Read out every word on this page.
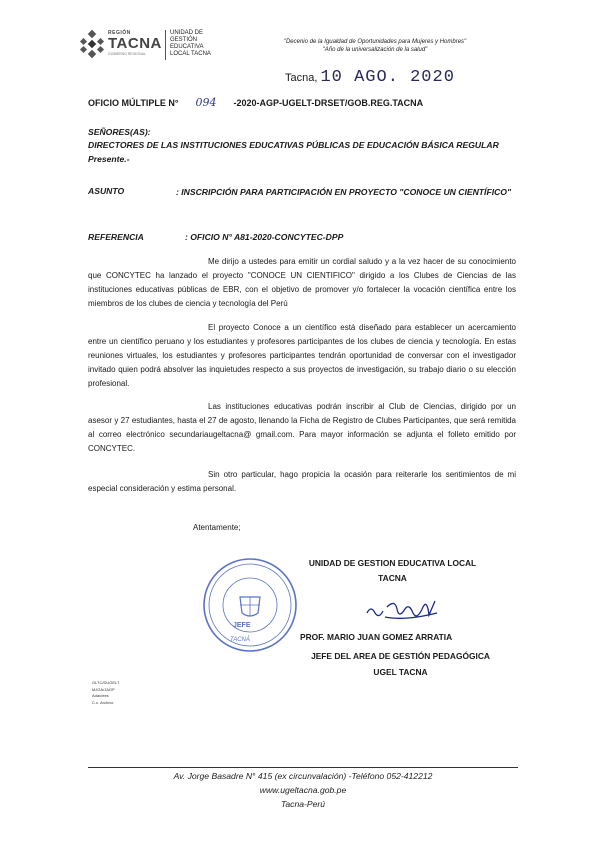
REGIÓN
TACNA
GOBIERNO REGIONAL
UNIDAD DE
GESTIÓN
EDUCATIVA
LOCAL TACNA
"Decenio de la Igualdad de Oportunidades para Mujeres y Hombres"
"Año de la universalización de la salud"
Tacna, 10 AGO. 2020
OFICIO MÚLTIPLE N° 094 -2020-AGP-UGELT-DRSET/GOB.REG.TACNA
SEÑORES(AS):
DIRECTORES DE LAS INSTITUCIONES EDUCATIVAS PÚBLICAS DE EDUCACIÓN BÁSICA REGULAR
Presente.-
ASUNTO	: INSCRIPCIÓN PARA PARTICIPACIÓN EN PROYECTO "CONOCE UN CIENTÍFICO"
REFERENCIA	: OFICIO N° A81-2020-CONCYTEC-DPP
Me dirijo a ustedes para emitir un cordial saludo y a la vez hacer de su conocimiento que CONCYTEC ha lanzado el proyecto "CONOCE UN CIENTIFICO" dirigido a los Clubes de Ciencias de las instituciones educativas públicas de EBR, con el objetivo de promover y/o fortalecer la vocación científica entre los miembros de los clubes de ciencia y tecnología del Perú
El proyecto Conoce a un científico está diseñado para establecer un acercamiento entre un científico peruano y los estudiantes y profesores participantes de los clubes de ciencia y tecnología. En estas reuniones virtuales, los estudiantes y profesores participantes tendrán oportunidad de conversar con el investigador invitado quien podrá absolver las inquietudes respecto a sus proyectos de investigación, su trabajo diario o su elección profesional.
Las instituciones educativas podrán inscribir al Club de Ciencias, dirigido por un asesor y 27 estudiantes, hasta el 27 de agosto, llenando la Ficha de Registro de Clubes Participantes, que será remitida al correo electrónico secundariaugeltacna@ gmail.com. Para mayor información se adjunta el folleto emitido por CONCYTEC.
Sin otro particular, hago propicia la ocasión para reiterarle los sentimientos de mi especial consideración y estima personal.
Atentamente;
JEFE
TACNÁ
UNIDAD DE GESTION EDUCATIVA LOCAL
TACNA
PROF. MARIO JUAN GOMEZ ARRATIA
JEFE DEL AREA DE GESTIÓN PEDAGÓGICA
UGEL TACNA
GLTC/DUGELT
MJGA/JAGP
Adac/ees
C.c. Archivo
Av. Jorge Basadre N° 415 (ex circunvalación) -Teléfono 052-412212
www.ugeltacna.gob.pe
Tacna-Perú
